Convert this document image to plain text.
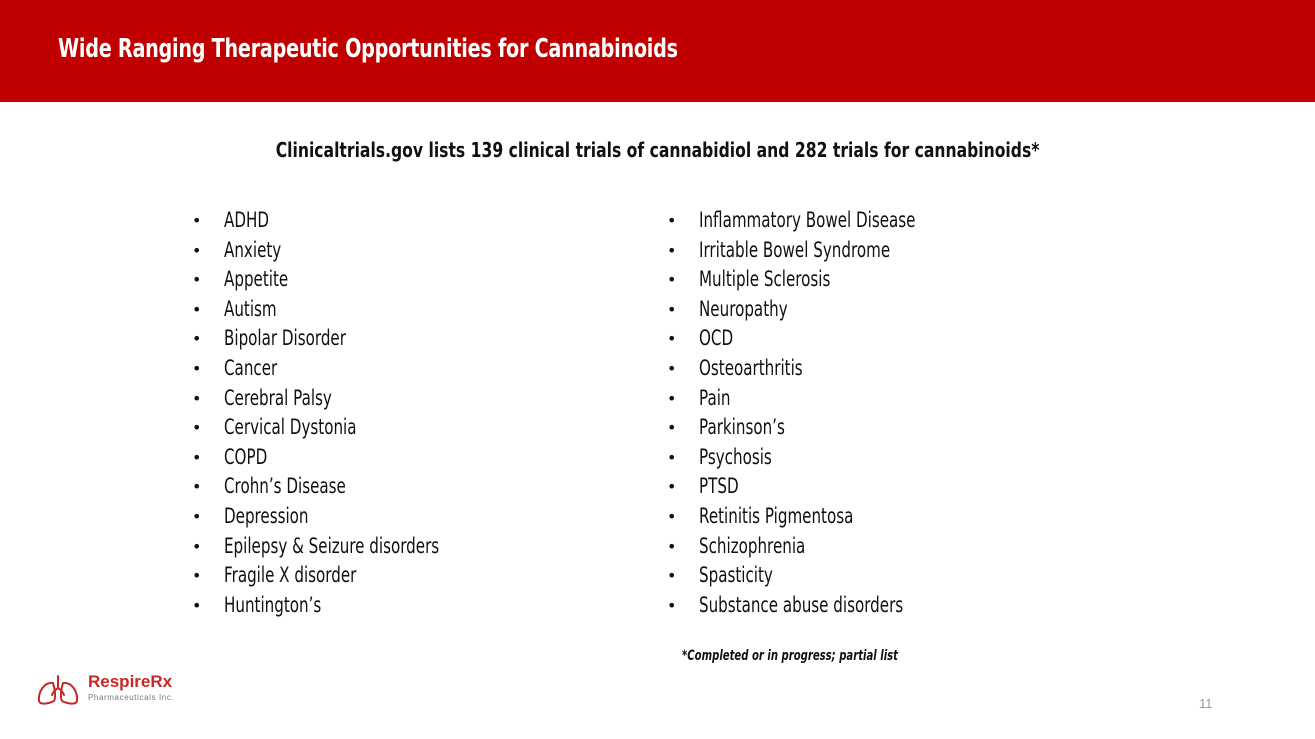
Wide Ranging Therapeutic Opportunities for Cannabinoids
Clinicaltrials.gov lists 139 clinical trials of cannabidiol and 282 trials for cannabinoids*
• ADHD
• Anxiety
• Appetite
• Autism
• Bipolar Disorder
• Cancer
• Cerebral Palsy
• Cervical Dystonia
• COPD
• Crohn’s Disease
• Depression
• Epilepsy & Seizure disorders
• Fragile X disorder
• Huntington’s
• Inflammatory Bowel Disease
• Irritable Bowel Syndrome
• Multiple Sclerosis
• Neuropathy
• OCD
• Osteoarthritis
• Pain
• Parkinson’s
• Psychosis
• PTSD
• Retinitis Pigmentosa
• Schizophrenia
• Spasticity
• Substance abuse disorders
*Completed or in progress; partial list
RespireRx
Pharmaceuticals Inc.	11
